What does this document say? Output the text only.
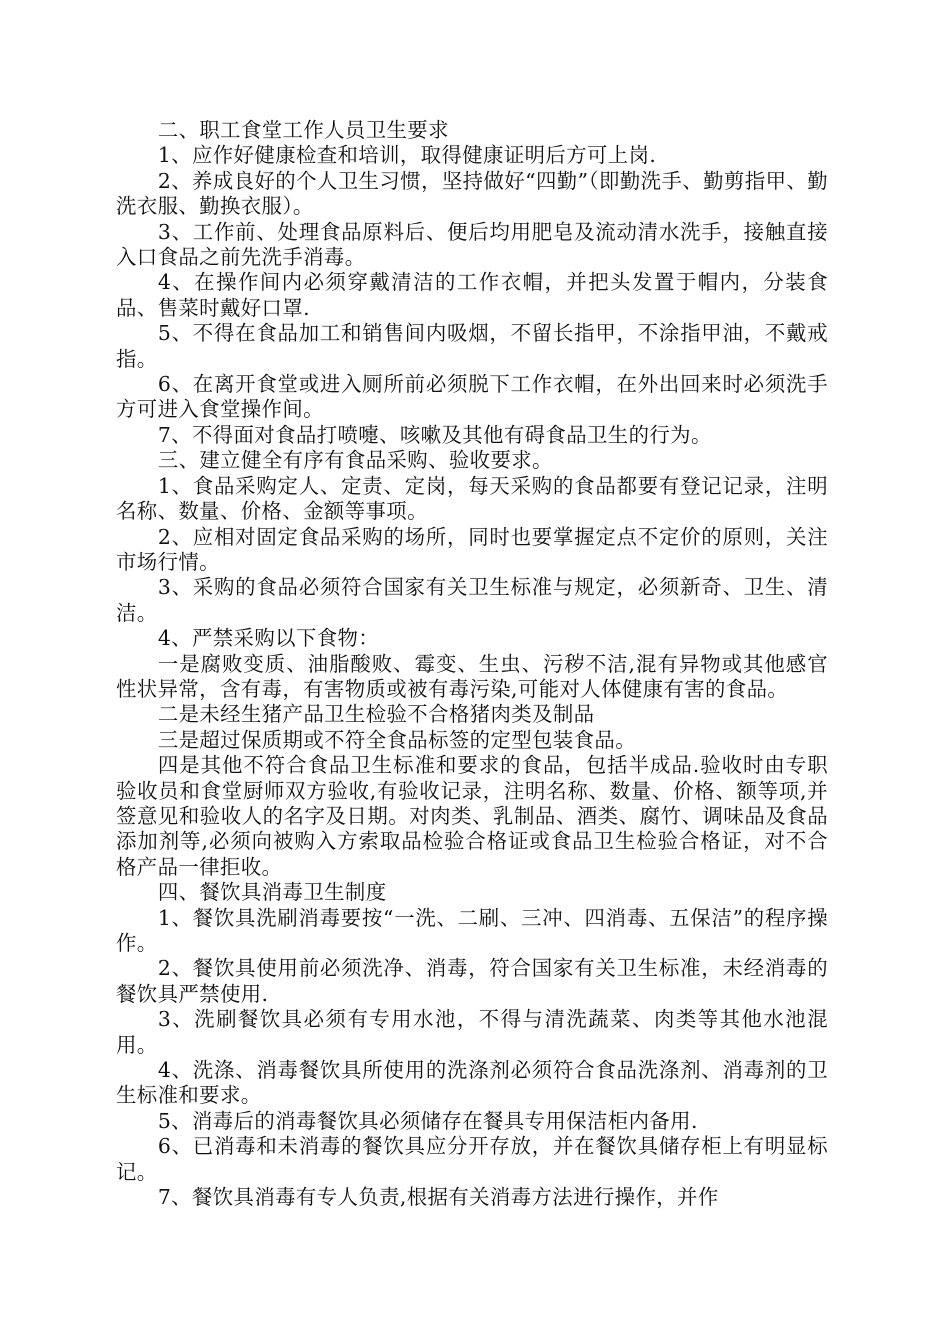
二、职工食堂工作人员卫生要求

1、应作好健康检查和培训，取得健康证明后方可上岗.

2、养成良好的个人卫生习惯，坚持做好“四勤”（即勤洗手、勤剪指甲、勤洗衣服、勤换衣服）。

3、工作前、处理食品原料后、便后均用肥皂及流动清水洗手，接触直接入口食品之前先洗手消毒。

4、在操作间内必须穿戴清洁的工作衣帽，并把头发置于帽内，分装食品、售菜时戴好口罩.

5、不得在食品加工和销售间内吸烟，不留长指甲，不涂指甲油，不戴戒指。

6、在离开食堂或进入厕所前必须脱下工作衣帽，在外出回来时必须洗手方可进入食堂操作间。

7、不得面对食品打喷嚏、咳嗽及其他有碍食品卫生的行为。

三、建立健全有序有食品采购、验收要求。

1、食品采购定人、定责、定岗，每天采购的食品都要有登记记录，注明名称、数量、价格、金额等事项。

2、应相对固定食品采购的场所，同时也要掌握定点不定价的原则，关注市场行情。

3、采购的食品必须符合国家有关卫生标准与规定，必须新奇、卫生、清洁。

4、严禁采购以下食物：

一是腐败变质、油脂酸败、霉变、生虫、污秽不洁,混有异物或其他感官性状异常，含有毒，有害物质或被有毒污染,可能对人体健康有害的食品。

二是未经生猪产品卫生检验不合格猪肉类及制品

三是超过保质期或不符全食品标签的定型包装食品。

四是其他不符合食品卫生标准和要求的食品，包括半成品.验收时由专职验收员和食堂厨师双方验收,有验收记录，注明名称、数量、价格、额等项,并签意见和验收人的名字及日期。对肉类、乳制品、酒类、腐竹、调味品及食品添加剂等,必须向被购入方索取品检验合格证或食品卫生检验合格证，对不合格产品一律拒收。

四、餐饮具消毒卫生制度

1、餐饮具洗刷消毒要按“一洗、二刷、三冲、四消毒、五保洁”的程序操作。

2、餐饮具使用前必须洗净、消毒，符合国家有关卫生标准，未经消毒的餐饮具严禁使用.

3、洗刷餐饮具必须有专用水池，不得与清洗蔬菜、肉类等其他水池混用。

4、洗涤、消毒餐饮具所使用的洗涤剂必须符合食品洗涤剂、消毒剂的卫生标准和要求。

5、消毒后的消毒餐饮具必须储存在餐具专用保洁柜内备用.

6、已消毒和未消毒的餐饮具应分开存放，并在餐饮具储存柜上有明显标记。

7、餐饮具消毒有专人负责,根据有关消毒方法进行操作，并作
